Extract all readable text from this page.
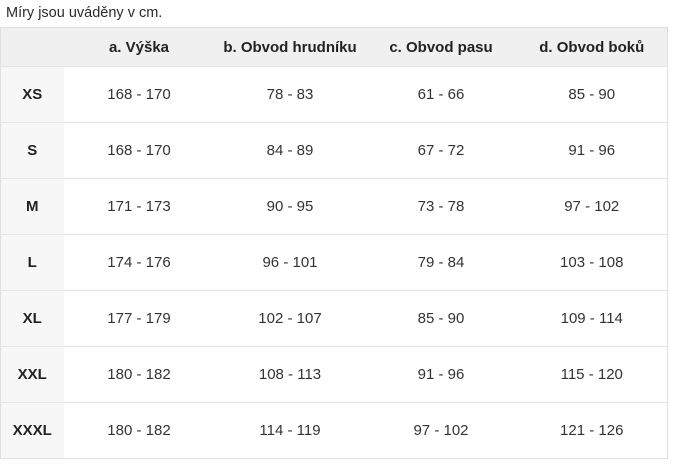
Míry jsou uváděny v cm.
	a. Výška	b. Obvod hrudníku	c. Obvod pasu	d. Obvod boků
XS	168 - 170	78 - 83	61 - 66	85 - 90
S	168 - 170	84 - 89	67 - 72	91 - 96
M	171 - 173	90 - 95	73 - 78	97 - 102
L	174 - 176	96 - 101	79 - 84	103 - 108
XL	177 - 179	102 - 107	85 - 90	109 - 114
XXL	180 - 182	108 - 113	91 - 96	115 - 120
XXXL	180 - 182	114 - 119	97 - 102	121 - 126
